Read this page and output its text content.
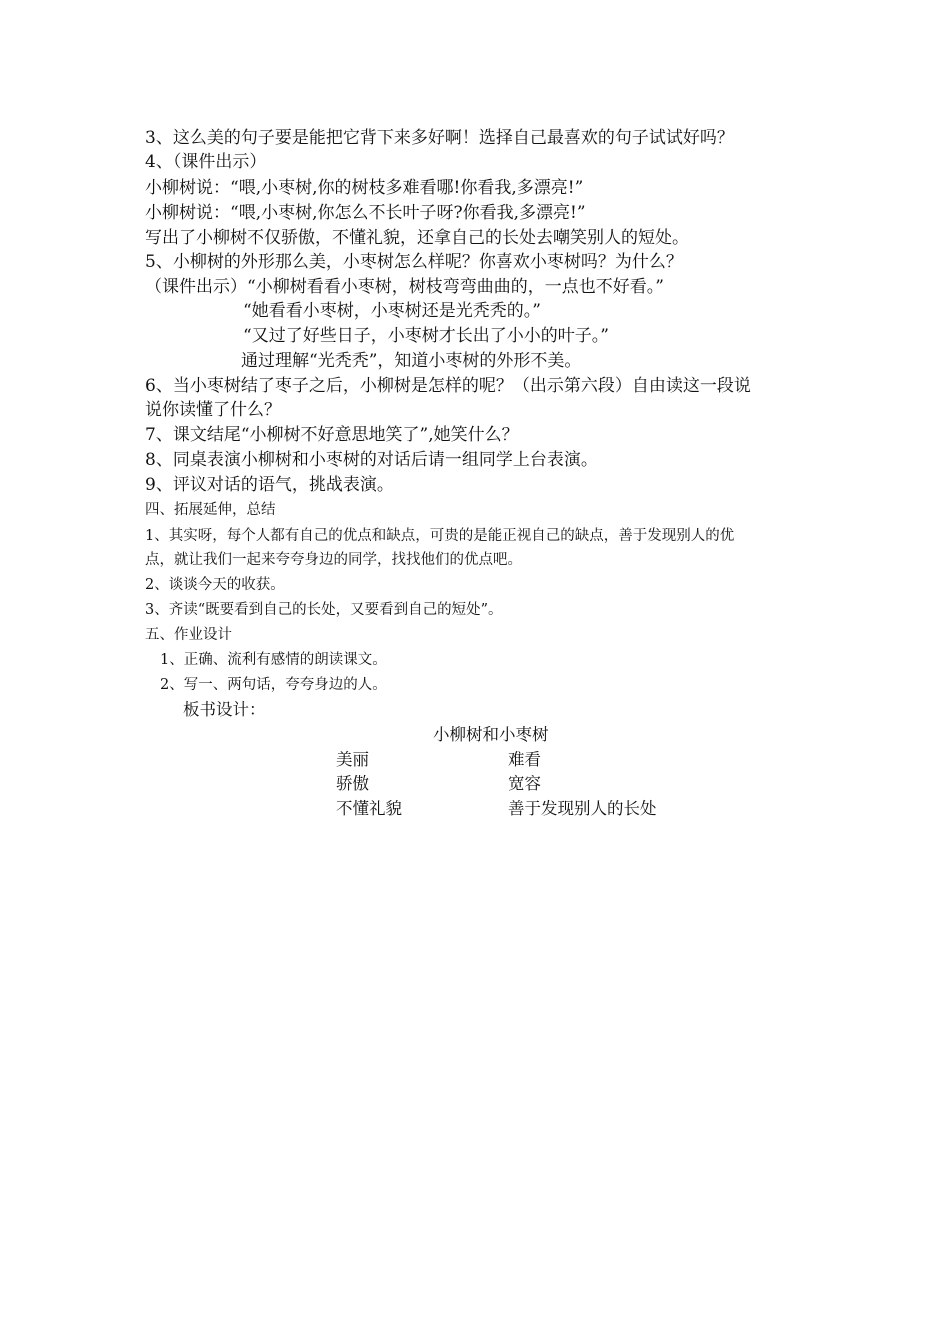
3、这么美的句子要是能把它背下来多好啊！选择自己最喜欢的句子试试好吗？
4、（课件出示）
小柳树说：“喂,小枣树,你的树枝多难看哪!你看我,多漂亮!”
小柳树说：“喂,小枣树,你怎么不长叶子呀?你看我,多漂亮!”
写出了小柳树不仅骄傲，不懂礼貌，还拿自己的长处去嘲笑别人的短处。
5、小柳树的外形那么美，小枣树怎么样呢？你喜欢小枣树吗？为什么？
（课件出示）“小柳树看看小枣树，树枝弯弯曲曲的，一点也不好看。”
“她看看小枣树，小枣树还是光秃秃的。”
“又过了好些日子，小枣树才长出了小小的叶子。”
通过理解“光秃秃”，知道小枣树的外形不美。
6、当小枣树结了枣子之后，小柳树是怎样的呢？（出示第六段）自由读这一段说
说你读懂了什么？
7、课文结尾“小柳树不好意思地笑了”,她笑什么？
8、同桌表演小柳树和小枣树的对话后请一组同学上台表演。
9、评议对话的语气，挑战表演。
四、拓展延伸，总结
1、其实呀，每个人都有自己的优点和缺点，可贵的是能正视自己的缺点，善于发现别人的优
点，就让我们一起来夸夸身边的同学，找找他们的优点吧。
2、谈谈今天的收获。
3、齐读“既要看到自己的长处，又要看到自己的短处”。
五、作业设计
1、正确、流利有感情的朗读课文。
2、写一、两句话，夸夸身边的人。
板书设计：
小柳树和小枣树
美丽	难看
骄傲	宽容
不懂礼貌	善于发现别人的长处
